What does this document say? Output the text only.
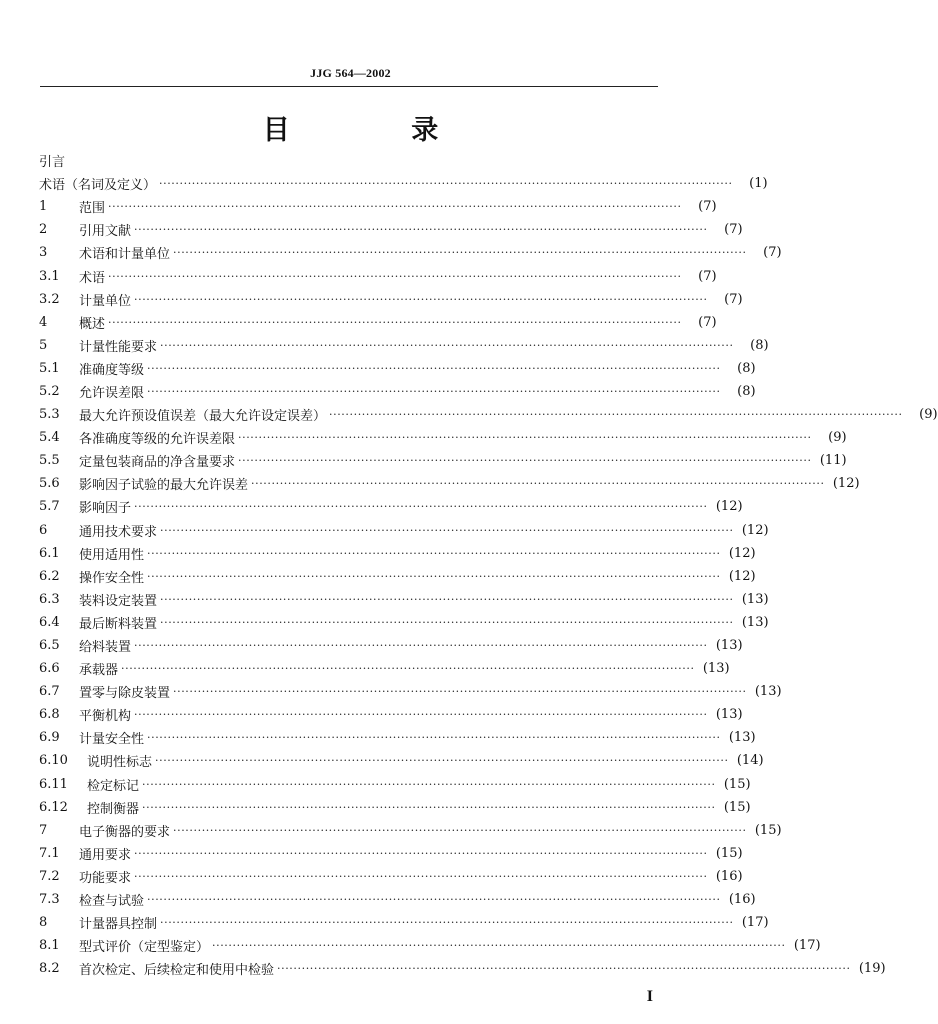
JJG 564—2002
目 录
引言
术语（名词及定义） ············································································································································	(1)
1	范围 ············································································································································	(7)
2	引用文献 ············································································································································	(7)
3	术语和计量单位 ············································································································································	(7)
3.1	术语 ············································································································································	(7)
3.2	计量单位 ············································································································································	(7)
4	概述 ············································································································································	(7)
5	计量性能要求 ············································································································································	(8)
5.1	准确度等级 ············································································································································	(8)
5.2	允许误差限 ············································································································································	(8)
5.3	最大允许预设值误差（最大允许设定误差） ············································································································································	(9)
5.4	各准确度等级的允许误差限 ············································································································································	(9)
5.5	定量包装商品的净含量要求 ············································································································································ (11)
5.6	影响因子试验的最大允许误差 ············································································································································ (12)
5.7	影响因子 ············································································································································ (12)
6	通用技术要求 ············································································································································ (12)
6.1	使用适用性 ············································································································································ (12)
6.2	操作安全性 ············································································································································ (12)
6.3	装料设定装置 ············································································································································ (13)
6.4	最后断料装置 ············································································································································ (13)
6.5	给料装置 ············································································································································ (13)
6.6	承载器 ············································································································································ (13)
6.7	置零与除皮装置 ············································································································································ (13)
6.8	平衡机构 ············································································································································ (13)
6.9	计量安全性 ············································································································································ (13)
6.10	说明性标志 ············································································································································ (14)
6.11	检定标记 ············································································································································ (15)
6.12	控制衡器 ············································································································································ (15)
7	电子衡器的要求 ············································································································································ (15)
7.1	通用要求 ············································································································································ (15)
7.2	功能要求 ············································································································································ (16)
7.3	检查与试验 ············································································································································ (16)
8	计量器具控制 ············································································································································ (17)
8.1	型式评价（定型鉴定） ············································································································································ (17)
8.2	首次检定、后续检定和使用中检验 ············································································································································ (19)
I
